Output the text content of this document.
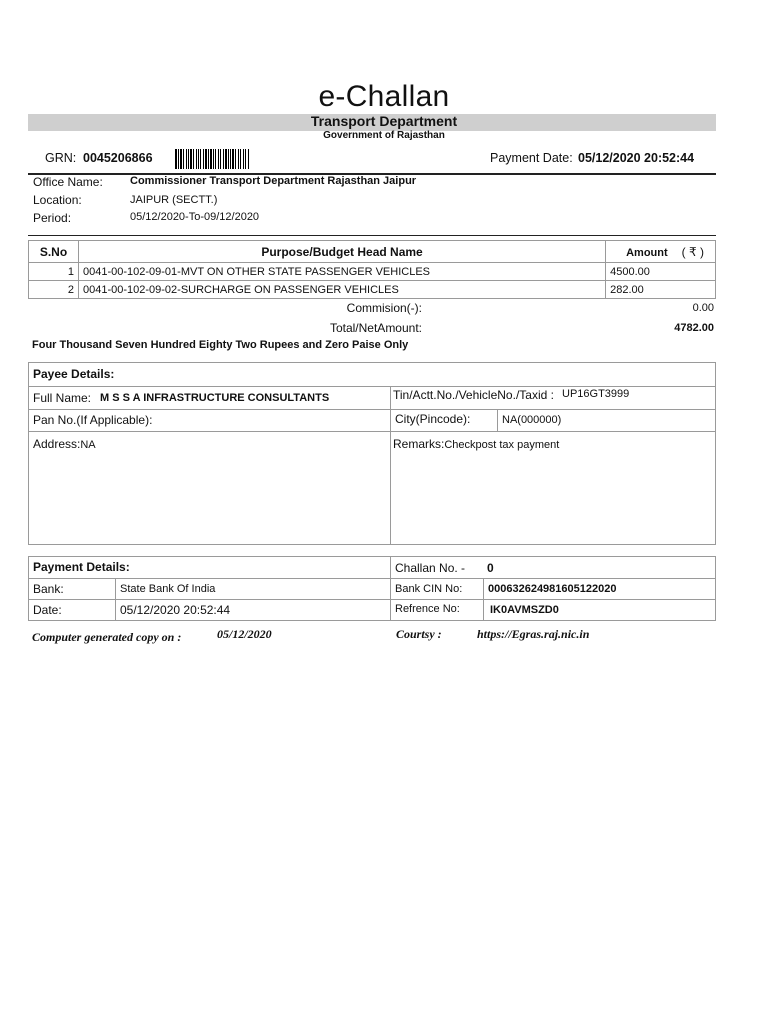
e-Challan
Transport Department
Government of Rajasthan
GRN: 0045206866	Payment Date: 05/12/2020 20:52:44
Office Name: Commissioner Transport Department Rajasthan Jaipur
Location:	JAIPUR (SECTT.)
Period:	05/12/2020-To-09/12/2020
S.No	Purpose/Budget Head Name	Amount ( ₹ )
1	0041-00-102-09-01-MVT ON OTHER STATE PASSENGER VEHICLES	4500.00
2	0041-00-102-09-02-SURCHARGE ON PASSENGER VEHICLES	282.00
Commision(-):	0.00
Total/NetAmount:	4782.00
Four Thousand Seven Hundred Eighty Two Rupees and Zero Paise Only
Payee Details:
Full Name: M S S A INFRASTRUCTURE CONSULTANTS	Tin/Actt.No./VehicleNo./Taxid : UP16GT3999
Pan No.(If Applicable):	City(Pincode):	NA(000000)
Address:NA	Remarks:Checkpost tax payment
Payment Details:	Challan No. - 0
Bank:	State Bank Of India	Bank CIN No: 000632624981605122020
Date:	05/12/2020 20:52:44	Refrence No:	IK0AVMSZD0
Computer generated copy on :	05/12/2020	Courtsy :	https://Egras.raj.nic.in
